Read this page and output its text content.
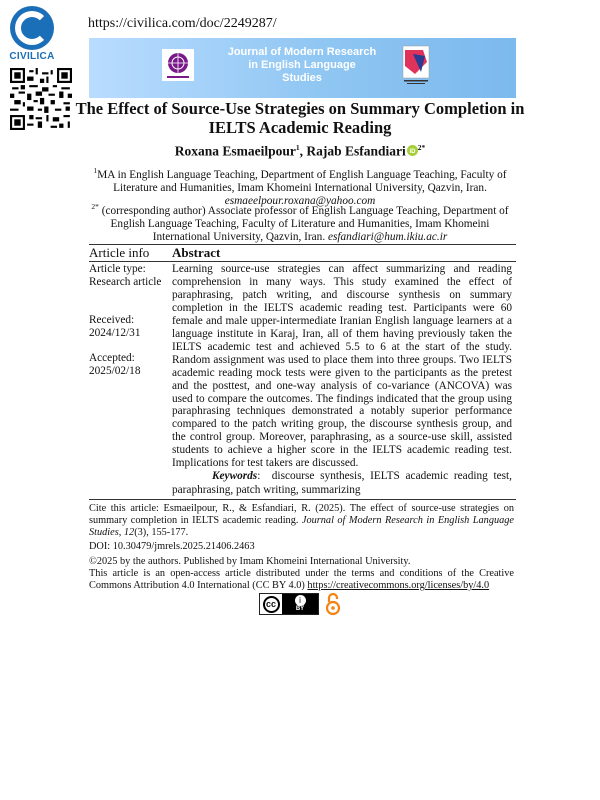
CIVILICA
https://civilica.com/doc/2249287/
Journal of Modern Research in English Language Studies
The Effect of Source-Use Strategies on Summary Completion in IELTS Academic Reading
Roxana Esmaeilpour$^1$, Rajab Esfandiari iD $^{2*}$
$^1$MA in English Language Teaching, Department of English Language Teaching, Faculty of Literature and Humanities, Imam Khomeini International University, Qazvin, Iran.
esmaeelpour.roxana@yahoo.com
$^{2*}$ (corresponding author) Associate professor of English Language Teaching, Department of English Language Teaching, Faculty of Literature and Humanities, Imam Khomeini International University, Qazvin, Iran. esfandiari@hum.ikiu.ac.ir
Article info Abstract
Article type:
Research article
Received:
2024/12/31
Accepted:
2025/02/18
Learning source-use strategies can affect summarizing and reading comprehension in many ways. This study examined the effect of paraphrasing, patch writing, and discourse synthesis on summary completion in the IELTS academic reading test. Participants were 60 female and male upper-intermediate Iranian English language learners at a language institute in Karaj, Iran, all of them having previously taken the IELTS academic test and achieved 5.5 to 6 at the start of the study. Random assignment was used to place them into three groups. Two IELTS academic reading mock tests were given to the participants as the pretest and the posttest, and one-way analysis of co-variance (ANCOVA) was used to compare the outcomes. The findings indicated that the group using paraphrasing techniques demonstrated a notably superior performance compared to the patch writing group, the discourse synthesis group, and the control group. Moreover, paraphrasing, as a source-use skill, assisted students to achieve a higher score in the IELTS academic reading test. Implications for test takers are discussed.
Keywords: discourse synthesis, IELTS academic reading test, paraphrasing, patch writing, summarizing
Cite this article: Esmaeilpour, R., & Esfandiari, R. (2025). The effect of source-use strategies on summary completion in IELTS academic reading. Journal of Modern Research in English Language Studies, 12(3), 155-177.
DOI: 10.30479/jmrels.2025.21406.2463
©2025 by the authors. Published by Imam Khomeini International University.
This article is an open-access article distributed under the terms and conditions of the Creative Commons Attribution 4.0 International (CC BY 4.0) https://creativecommons.org/licenses/by/4.0
cc	i
BY
